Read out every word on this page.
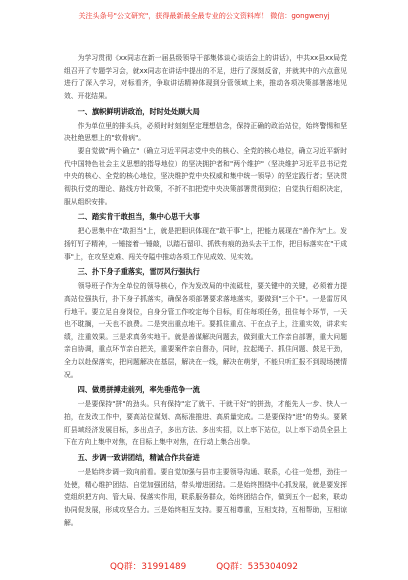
关注头条号"公文研究"，获得最新最全最专业的公文资料库！ 微信：gongwenyj

为学习贯彻《xx同志在新一届县级领导干部集体谈心谈话会上的讲话》，中共xx县xx局党组召开了专题学习会，就xx同志在讲话中提出的不足，进行了深刻反省，并就其中的六点意见进行了深入学习，对标看齐，争取讲话精神体现到分管领域上来，推动各项决策部署落地见效、开花结果。

一、旗帜鲜明讲政治，时时处处顾大局

作为单位里的排头兵，必须时时刻刻坚定理想信念，保持正确的政治站位，始终警惕和坚决杜绝思想上的"软骨病"。

要自觉做"两个确立"（确立习近平同志党中央的核心、全党的核心地位，确立习近平新时代中国特色社会主义思想的指导地位）的坚决拥护者和"两个维护"（坚决维护习近平总书记党中央的核心、全党的核心地位，坚决维护党中央权威和集中统一领导）的坚定践行者；坚决贯彻执行党的理论、路线方针政策，不折不扣把党中央决策部署贯彻到位；自觉执行组织决定，服从组织安排。

二、踏实肯干敢担当，集中心思干大事

把心思集中在"敢担当"上，就是把胆识体现在"敢干事"上，把能力展现在"善作为"上。发扬钉钉子精神，一锤接着一锤敲，以踏石留印、抓铁有痕的劲头去干工作，把目标落实在"干成事"上，在攻坚克难、闯关夺隘中推动各项工作见成效、见实效。

三、扑下身子重落实，雷厉风行强执行

领导班子作为全单位的领导核心，作为发改局的中流砥柱，要关键中的关键，必须着力提高站位强执行，扑下身子抓落实，确保各项部署要求落地落实，要做到"三个干"。一是雷厉风行地干。要立足自身岗位，自身分管工作咬定每个目标，盯住每项任务，扭住每个环节，一天也不耽搁，一天也不浪费。二是突出重点地干。要抓住重点、干在点子上，注重实效，讲求实绩，注重效果。三是求真务实地干。就是善谋解决问题去，做到重大工作亲自部署，重大问题亲自协调，重点环节亲自把关，重要案件亲自督办，同时，拉起绳子、抓住问题、鼓足干劲，全力以赴保落实，把问题解决在基层，解决在一线，解决在萌芽，不能只听汇报不到现场摸情况。

四、做勇拼搏走前列，率先垂范争一流

一是要保持"拼"的劲头。只有保持"定了就干、干就干好"的拼劲，才能先人一步、快人一拍，在发改工作中，要高站位谋划、高标准推进、高质量完成。二是要保持"进"的势头。要紧盯县域经济发展目标，多出点子，多出方法、多出实招，以上率下站位，以上率下动员全县上下在方向上集中对焦，在目标上集中对焦，在行动上集合出拳。

五、步调一致讲团结，精诚合作共奋进

一是始终步调一致向前看。要自觉加强与县市主要领导沟通、联系，心往一处想，劲往一处使，精心维护团结、自觉加强团结，带头增进团结。二是始终围绕中心抓发展，就是要发挥党组织把方向、管大局、保落实作用，联系服务群众，始终团结合作，做到五个一起来，联动协同促发展，形成攻坚合力。三是始终相互支持。要互相尊重，互相支持，互相帮助，互相谅解。

QQ群：31991489	QQ群：535304092
